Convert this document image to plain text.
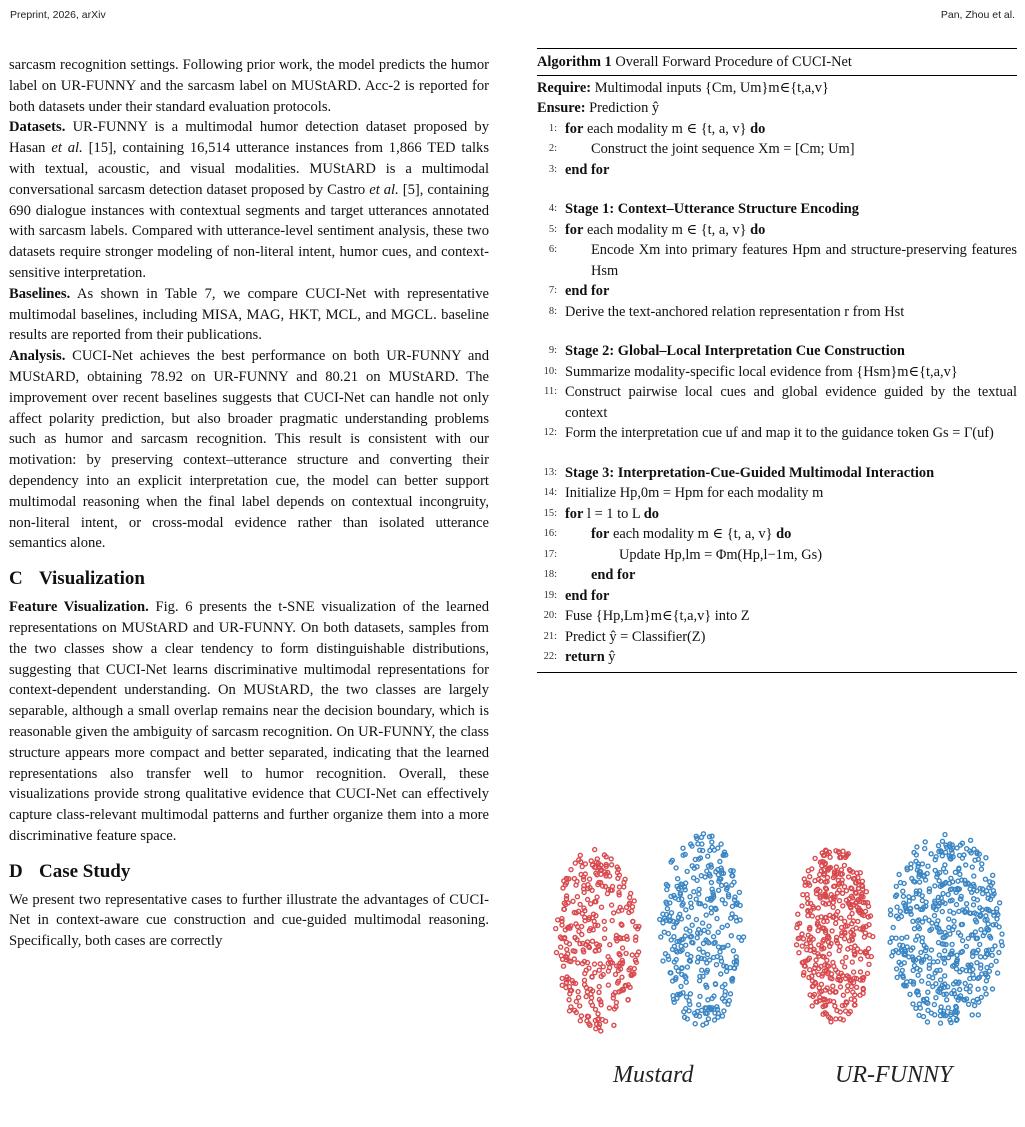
Preprint, 2026, arXiv	Pan, Zhou et al.

sarcasm recognition settings. Following prior work, the model predicts the humor label on UR-FUNNY and the sarcasm label on MUStARD. Acc-2 is reported for both datasets under their standard evaluation protocols.

Datasets. UR-FUNNY is a multimodal humor detection dataset proposed by Hasan et al. [15], containing 16,514 utterance instances from 1,866 TED talks with textual, acoustic, and visual modalities. MUStARD is a multimodal conversational sarcasm detection dataset proposed by Castro et al. [5], containing 690 dialogue instances with contextual segments and target utterances annotated with sarcasm labels. Compared with utterance-level sentiment analysis, these two datasets require stronger modeling of non-literal intent, humor cues, and context-sensitive interpretation.

Baselines. As shown in Table 7, we compare CUCI-Net with representative multimodal baselines, including MISA, MAG, HKT, MCL, and MGCL. baseline results are reported from their publications.

Analysis. CUCI-Net achieves the best performance on both UR-FUNNY and MUStARD, obtaining 78.92 on UR-FUNNY and 80.21 on MUStARD. The improvement over recent baselines suggests that CUCI-Net can handle not only affect polarity prediction, but also broader pragmatic understanding problems such as humor and sarcasm recognition. This result is consistent with our motivation: by preserving context–utterance structure and converting their dependency into an explicit interpretation cue, the model can better support multimodal reasoning when the final label depends on contextual incongruity, non-literal intent, or cross-modal evidence rather than isolated utterance semantics alone.

C Visualization

Feature Visualization. Fig. 6 presents the t-SNE visualization of the learned representations on MUStARD and UR-FUNNY. On both datasets, samples from the two classes show a clear tendency to form distinguishable distributions, suggesting that CUCI-Net learns discriminative multimodal representations for context-dependent understanding. On MUStARD, the two classes are largely separable, although a small overlap remains near the decision boundary, which is reasonable given the ambiguity of sarcasm recognition. On UR-FUNNY, the class structure appears more compact and better separated, indicating that the learned representations also transfer well to humor recognition. Overall, these visualizations provide strong qualitative evidence that CUCI-Net can effectively capture class-relevant multimodal patterns and further organize them into a more discriminative feature space.

D Case Study

We present two representative cases to further illustrate the advantages of CUCI-Net in context-aware cue construction and cue-guided multimodal reasoning. Specifically, both cases are correctly

Algorithm 1 Overall Forward Procedure of CUCI-Net
Require: Multimodal inputs {Cm, Um}m∈{t,a,v}
Ensure: Prediction ŷ
1: for each modality m ∈ {t, a, v} do
2:	Construct the joint sequence Xm = [Cm; Um]
3: end for
4: Stage 1: Context–Utterance Structure Encoding
5: for each modality m ∈ {t, a, v} do
6:	Encode Xm into primary features Hpm and structure-preserving features Hsm
7: end for
8: Derive the text-anchored relation representation r from Hst
9: Stage 2: Global–Local Interpretation Cue Construction
10: Summarize modality-specific local evidence from {Hsm}m∈{t,a,v}
11: Construct pairwise local cues and global evidence guided by the textual context
12: Form the interpretation cue uf and map it to the guidance token Gs = Γ(uf)
13: Stage 3: Interpretation-Cue-Guided Multimodal Interaction
14: Initialize Hp,0m = Hpm for each modality m
15: for l = 1 to L do
16:	for each modality m ∈ {t, a, v} do
17:	Update Hp,lm = Φm(Hp,l−1m, Gs)
18:	end for
19: end for
20: Fuse {Hp,Lm}m∈{t,a,v} into Z
21: Predict ŷ = Classifier(Z)
22: return ŷ
Mustard	UR-FUNNY
